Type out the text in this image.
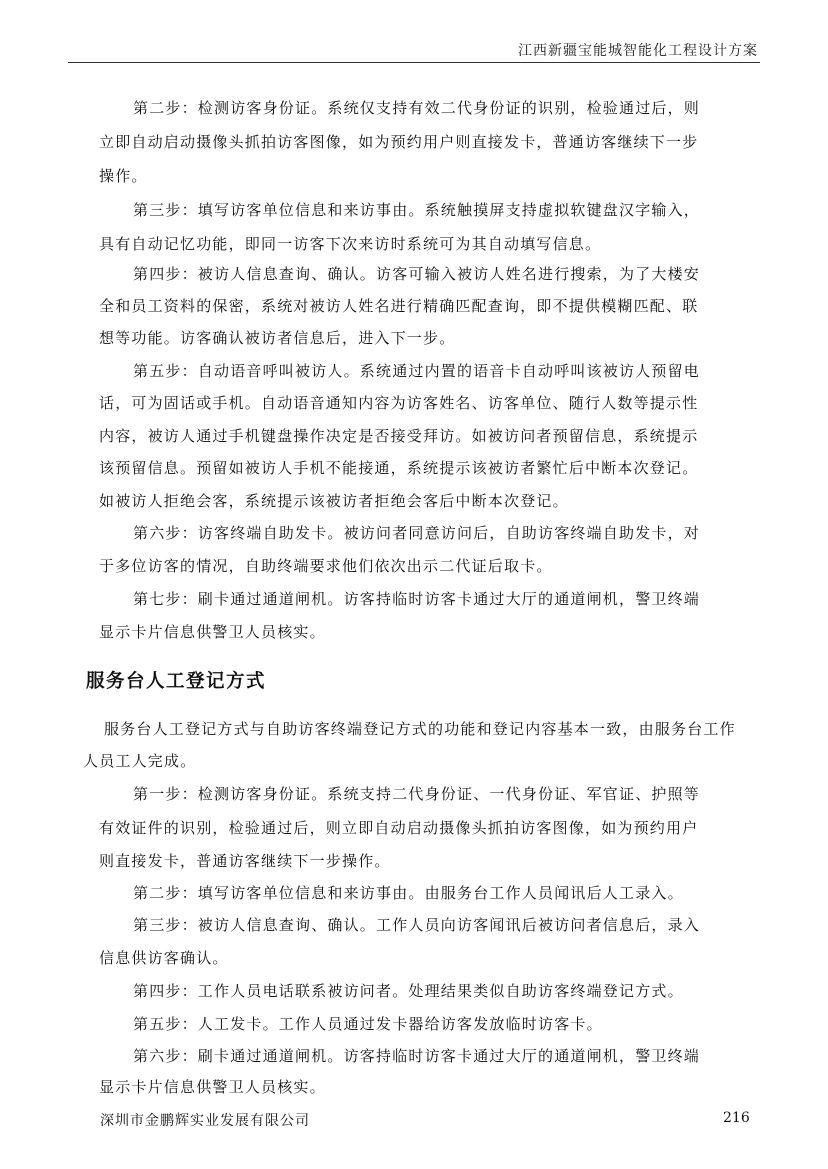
江西新疆宝能城智能化工程设计方案
第二步：检测访客身份证。系统仅支持有效二代身份证的识别，检验通过后，则
立即自动启动摄像头抓拍访客图像，如为预约用户则直接发卡，普通访客继续下一步
操作。
第三步：填写访客单位信息和来访事由。系统触摸屏支持虚拟软键盘汉字输入，
具有自动记忆功能，即同一访客下次来访时系统可为其自动填写信息。
第四步：被访人信息查询、确认。访客可输入被访人姓名进行搜索，为了大楼安
全和员工资料的保密，系统对被访人姓名进行精确匹配查询，即不提供模糊匹配、联
想等功能。访客确认被访者信息后，进入下一步。
第五步：自动语音呼叫被访人。系统通过内置的语音卡自动呼叫该被访人预留电
话，可为固话或手机。自动语音通知内容为访客姓名、访客单位、随行人数等提示性
内容，被访人通过手机键盘操作决定是否接受拜访。如被访问者预留信息，系统提示
该预留信息。预留如被访人手机不能接通，系统提示该被访者繁忙后中断本次登记。
如被访人拒绝会客，系统提示该被访者拒绝会客后中断本次登记。
第六步：访客终端自助发卡。被访问者同意访问后，自助访客终端自助发卡，对
于多位访客的情况，自助终端要求他们依次出示二代证后取卡。
第七步：刷卡通过通道闸机。访客持临时访客卡通过大厅的通道闸机，警卫终端
显示卡片信息供警卫人员核实。
服务台人工登记方式
服务台人工登记方式与自助访客终端登记方式的功能和登记内容基本一致，由服务台工作
人员工人完成。
第一步：检测访客身份证。系统支持二代身份证、一代身份证、军官证、护照等
有效证件的识别，检验通过后，则立即自动启动摄像头抓拍访客图像，如为预约用户
则直接发卡，普通访客继续下一步操作。
第二步：填写访客单位信息和来访事由。由服务台工作人员闻讯后人工录入。
第三步：被访人信息查询、确认。工作人员向访客闻讯后被访问者信息后，录入
信息供访客确认。
第四步：工作人员电话联系被访问者。处理结果类似自助访客终端登记方式。
第五步：人工发卡。工作人员通过发卡器给访客发放临时访客卡。
第六步：刷卡通过通道闸机。访客持临时访客卡通过大厅的通道闸机，警卫终端
显示卡片信息供警卫人员核实。
深圳市金鹏辉实业发展有限公司	216
